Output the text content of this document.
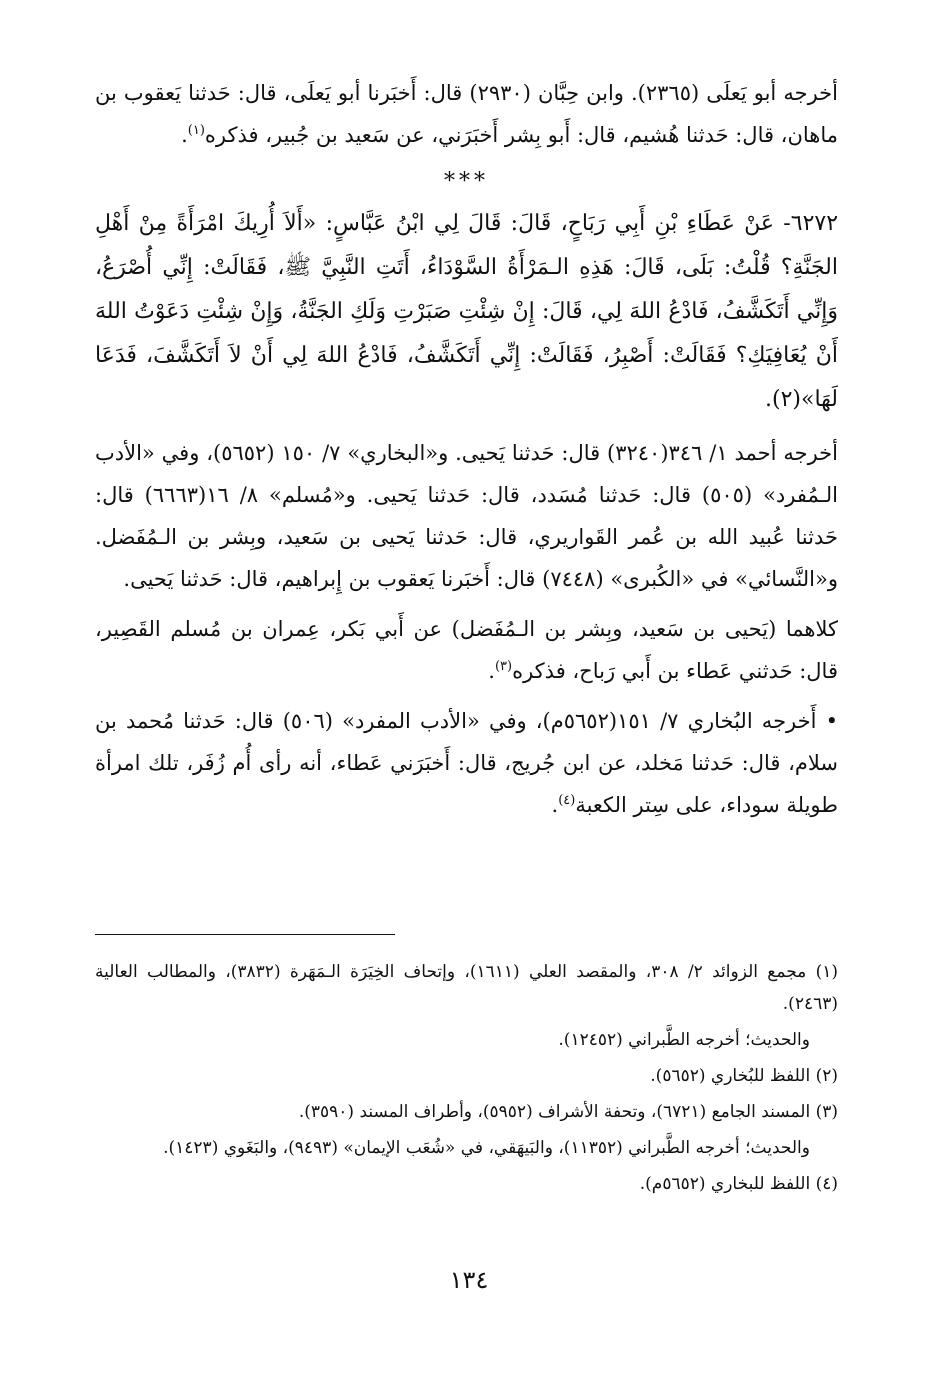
أخرجه أبو يَعلَى (٢٣٦٥). وابن حِبَّان (٢٩٣٠) قال: أَخبَرنا أبو يَعلَى، قال: حَدثنا يَعقوب بن ماهان، قال: حَدثنا هُشيم، قال: أَبو بِشر أَخبَرَني، عن سَعيد بن جُبير، فذكره$^{(١)}$.

***

٦٢٧٢- عَنْ عَطَاءِ بْنِ أَبِي رَبَاحٍ، قَالَ: قَالَ لِي ابْنُ عَبَّاسٍ: «أَلاَ أُرِيكَ امْرَأَةً مِنْ أَهْلِ الجَنَّةِ؟ قُلْتُ: بَلَى، قَالَ: هَذِهِ الـمَرْأَةُ السَّوْدَاءُ، أَتَتِ النَّبِيَّ ﷺ، فَقَالَتْ: إِنِّي أُصْرَعُ، وَإِنِّي أَتَكَشَّفُ، فَادْعُ اللهَ لِي، قَالَ: إِنْ شِئْتِ صَبَرْتِ وَلَكِ الجَنَّةُ، وَإِنْ شِئْتِ دَعَوْتُ اللهَ أَنْ يُعَافِيَكِ؟ فَقَالَتْ: أَصْبِرُ، فَقَالَتْ: إِنِّي أَتَكَشَّفُ، فَادْعُ اللهَ لِي أَنْ لاَ أَتَكَشَّفَ، فَدَعَا لَهَا»(٢).

أخرجه أحمد ١/ ٣٤٦(٣٢٤٠) قال: حَدثنا يَحيى. و«البخاري» ٧/ ١٥٠ (٥٦٥٢)، وفي «الأدب الـمُفرد» (٥٠٥) قال: حَدثنا مُسَدد، قال: حَدثنا يَحيى. و«مُسلم» ٨/ ١٦(٦٦٦٣) قال: حَدثنا عُبيد الله بن عُمر القَواريري، قال: حَدثنا يَحيى بن سَعيد، وبِشر بن الـمُفَضل. و«النَّسائي» في «الكُبرى» (٧٤٤٨) قال: أَخبَرنا يَعقوب بن إِبراهيم، قال: حَدثنا يَحيى.

كلاهما (يَحيى بن سَعيد، وبِشر بن الـمُفَضل) عن أَبي بَكر، عِمران بن مُسلم القَصِير، قال: حَدثني عَطاء بن أَبي رَباح، فذكره$^{(٣)}$.

• أَخرجه البُخاري ٧/ ١٥١(٥٦٥٢م)، وفي «الأدب المفرد» (٥٠٦) قال: حَدثنا مُحمد بن سلام، قال: حَدثنا مَخلد، عن ابن جُريج، قال: أَخبَرَني عَطاء، أنه رأى أُم زُفَر، تلك امرأة طويلة سوداء، على سِتر الكعبة$^{(٤)}$.

(١) مجمع الزوائد ٢/ ٣٠٨، والمقصد العلي (١٦١١)، وإتحاف الخِيَرَة الـمَهَرة (٣٨٣٢)، والمطالب العالية (٢٤٦٣).

والحديث؛ أخرجه الطَّبراني (١٢٤٥٢).

(٢) اللفظ للبُخاري (٥٦٥٢).

(٣) المسند الجامع (٦٧٢١)، وتحفة الأشراف (٥٩٥٢)، وأطراف المسند (٣٥٩٠).

والحديث؛ أخرجه الطَّبراني (١١٣٥٢)، والبَيهَقي، في «شُعَب الإيمان» (٩٤٩٣)، والبَغَوي (١٤٢٣).

(٤) اللفظ للبخاري (٥٦٥٢م).

١٣٤
